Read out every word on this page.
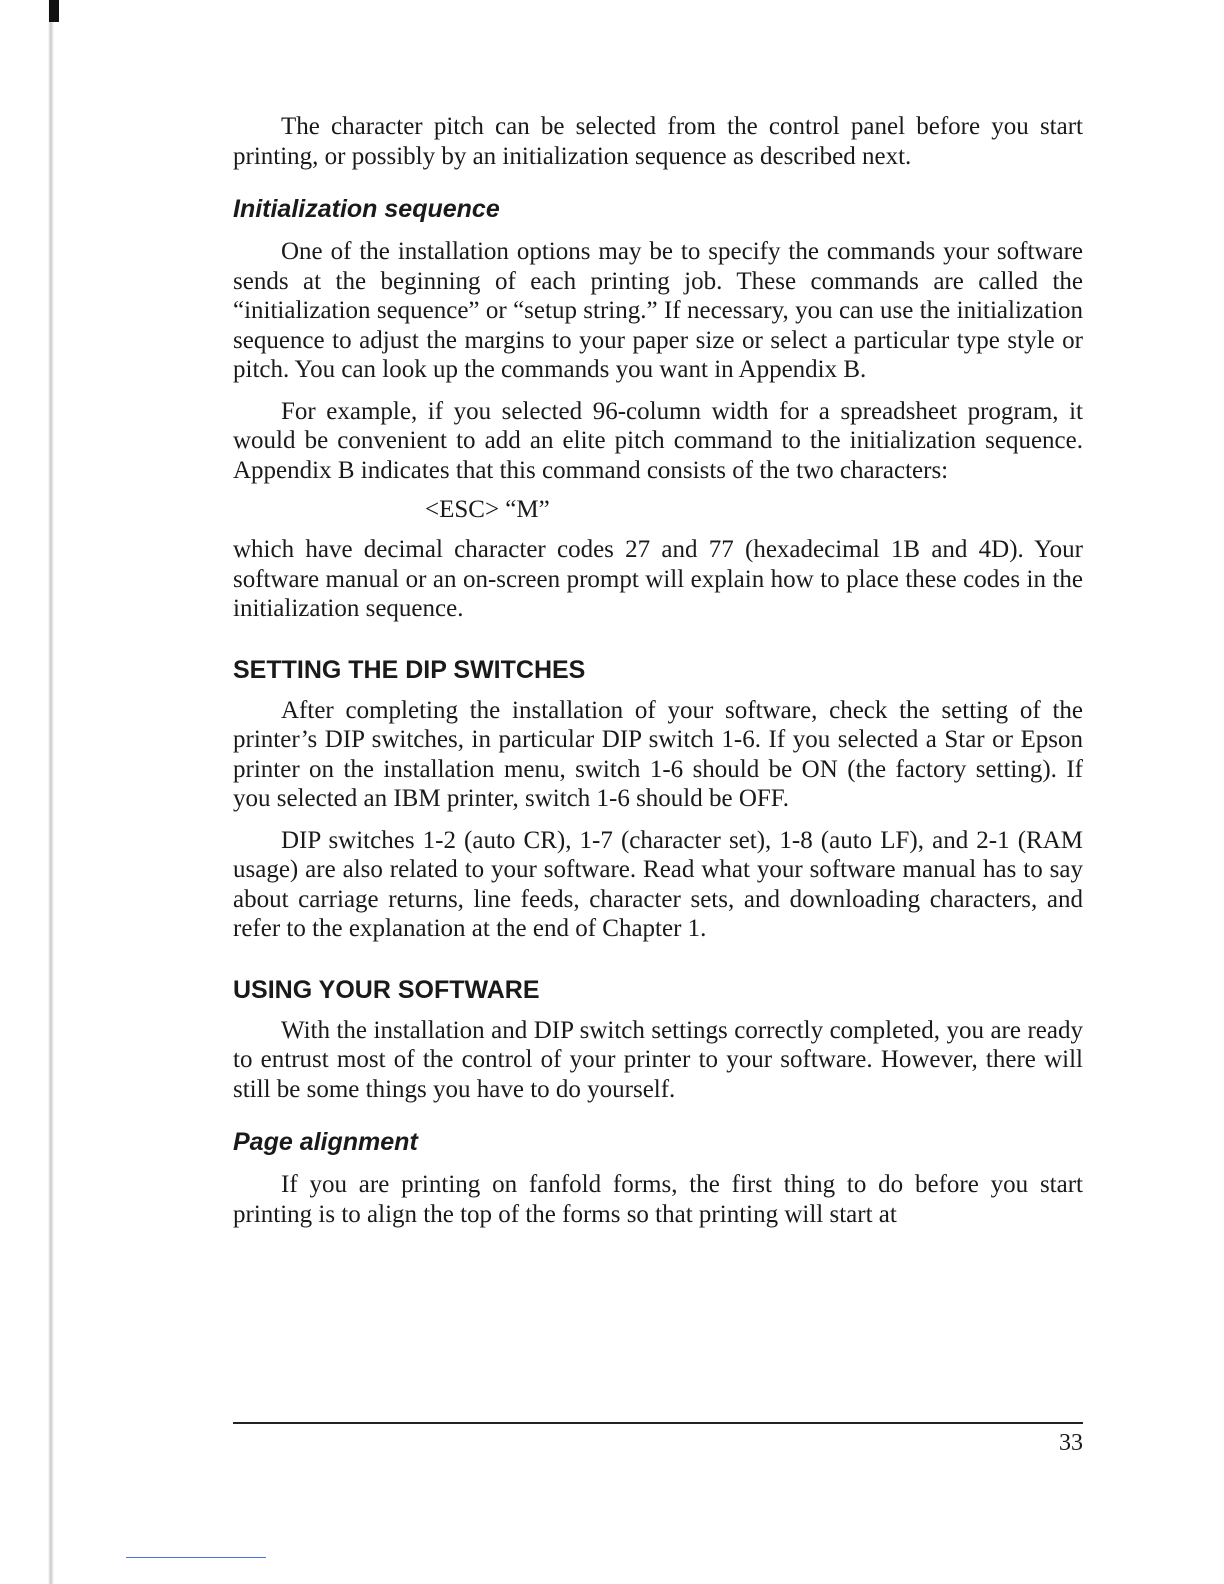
The character pitch can be selected from the control panel before you start printing, or possibly by an initialization sequence as described next.

Initialization sequence

One of the installation options may be to specify the commands your software sends at the beginning of each printing job. These commands are called the “initialization sequence” or “setup string.” If necessary, you can use the initialization sequence to adjust the margins to your paper size or select a particular type style or pitch. You can look up the commands you want in Appendix B.

For example, if you selected 96-column width for a spreadsheet program, it would be convenient to add an elite pitch command to the initialization sequence. Appendix B indicates that this command consists of the two characters:

<ESC> “M”

which have decimal character codes 27 and 77 (hexadecimal 1B and 4D). Your software manual or an on-screen prompt will explain how to place these codes in the initialization sequence.

SETTING THE DIP SWITCHES

After completing the installation of your software, check the setting of the printer’s DIP switches, in particular DIP switch 1-6. If you selected a Star or Epson printer on the installation menu, switch 1-6 should be ON (the factory setting). If you selected an IBM printer, switch 1-6 should be OFF.

DIP switches 1-2 (auto CR), 1-7 (character set), 1-8 (auto LF), and 2-1 (RAM usage) are also related to your software. Read what your software manual has to say about carriage returns, line feeds, character sets, and downloading characters, and refer to the explanation at the end of Chapter 1.

USING YOUR SOFTWARE

With the installation and DIP switch settings correctly completed, you are ready to entrust most of the control of your printer to your software. However, there will still be some things you have to do yourself.

Page alignment

If you are printing on fanfold forms, the first thing to do before you start printing is to align the top of the forms so that printing will start at

33
